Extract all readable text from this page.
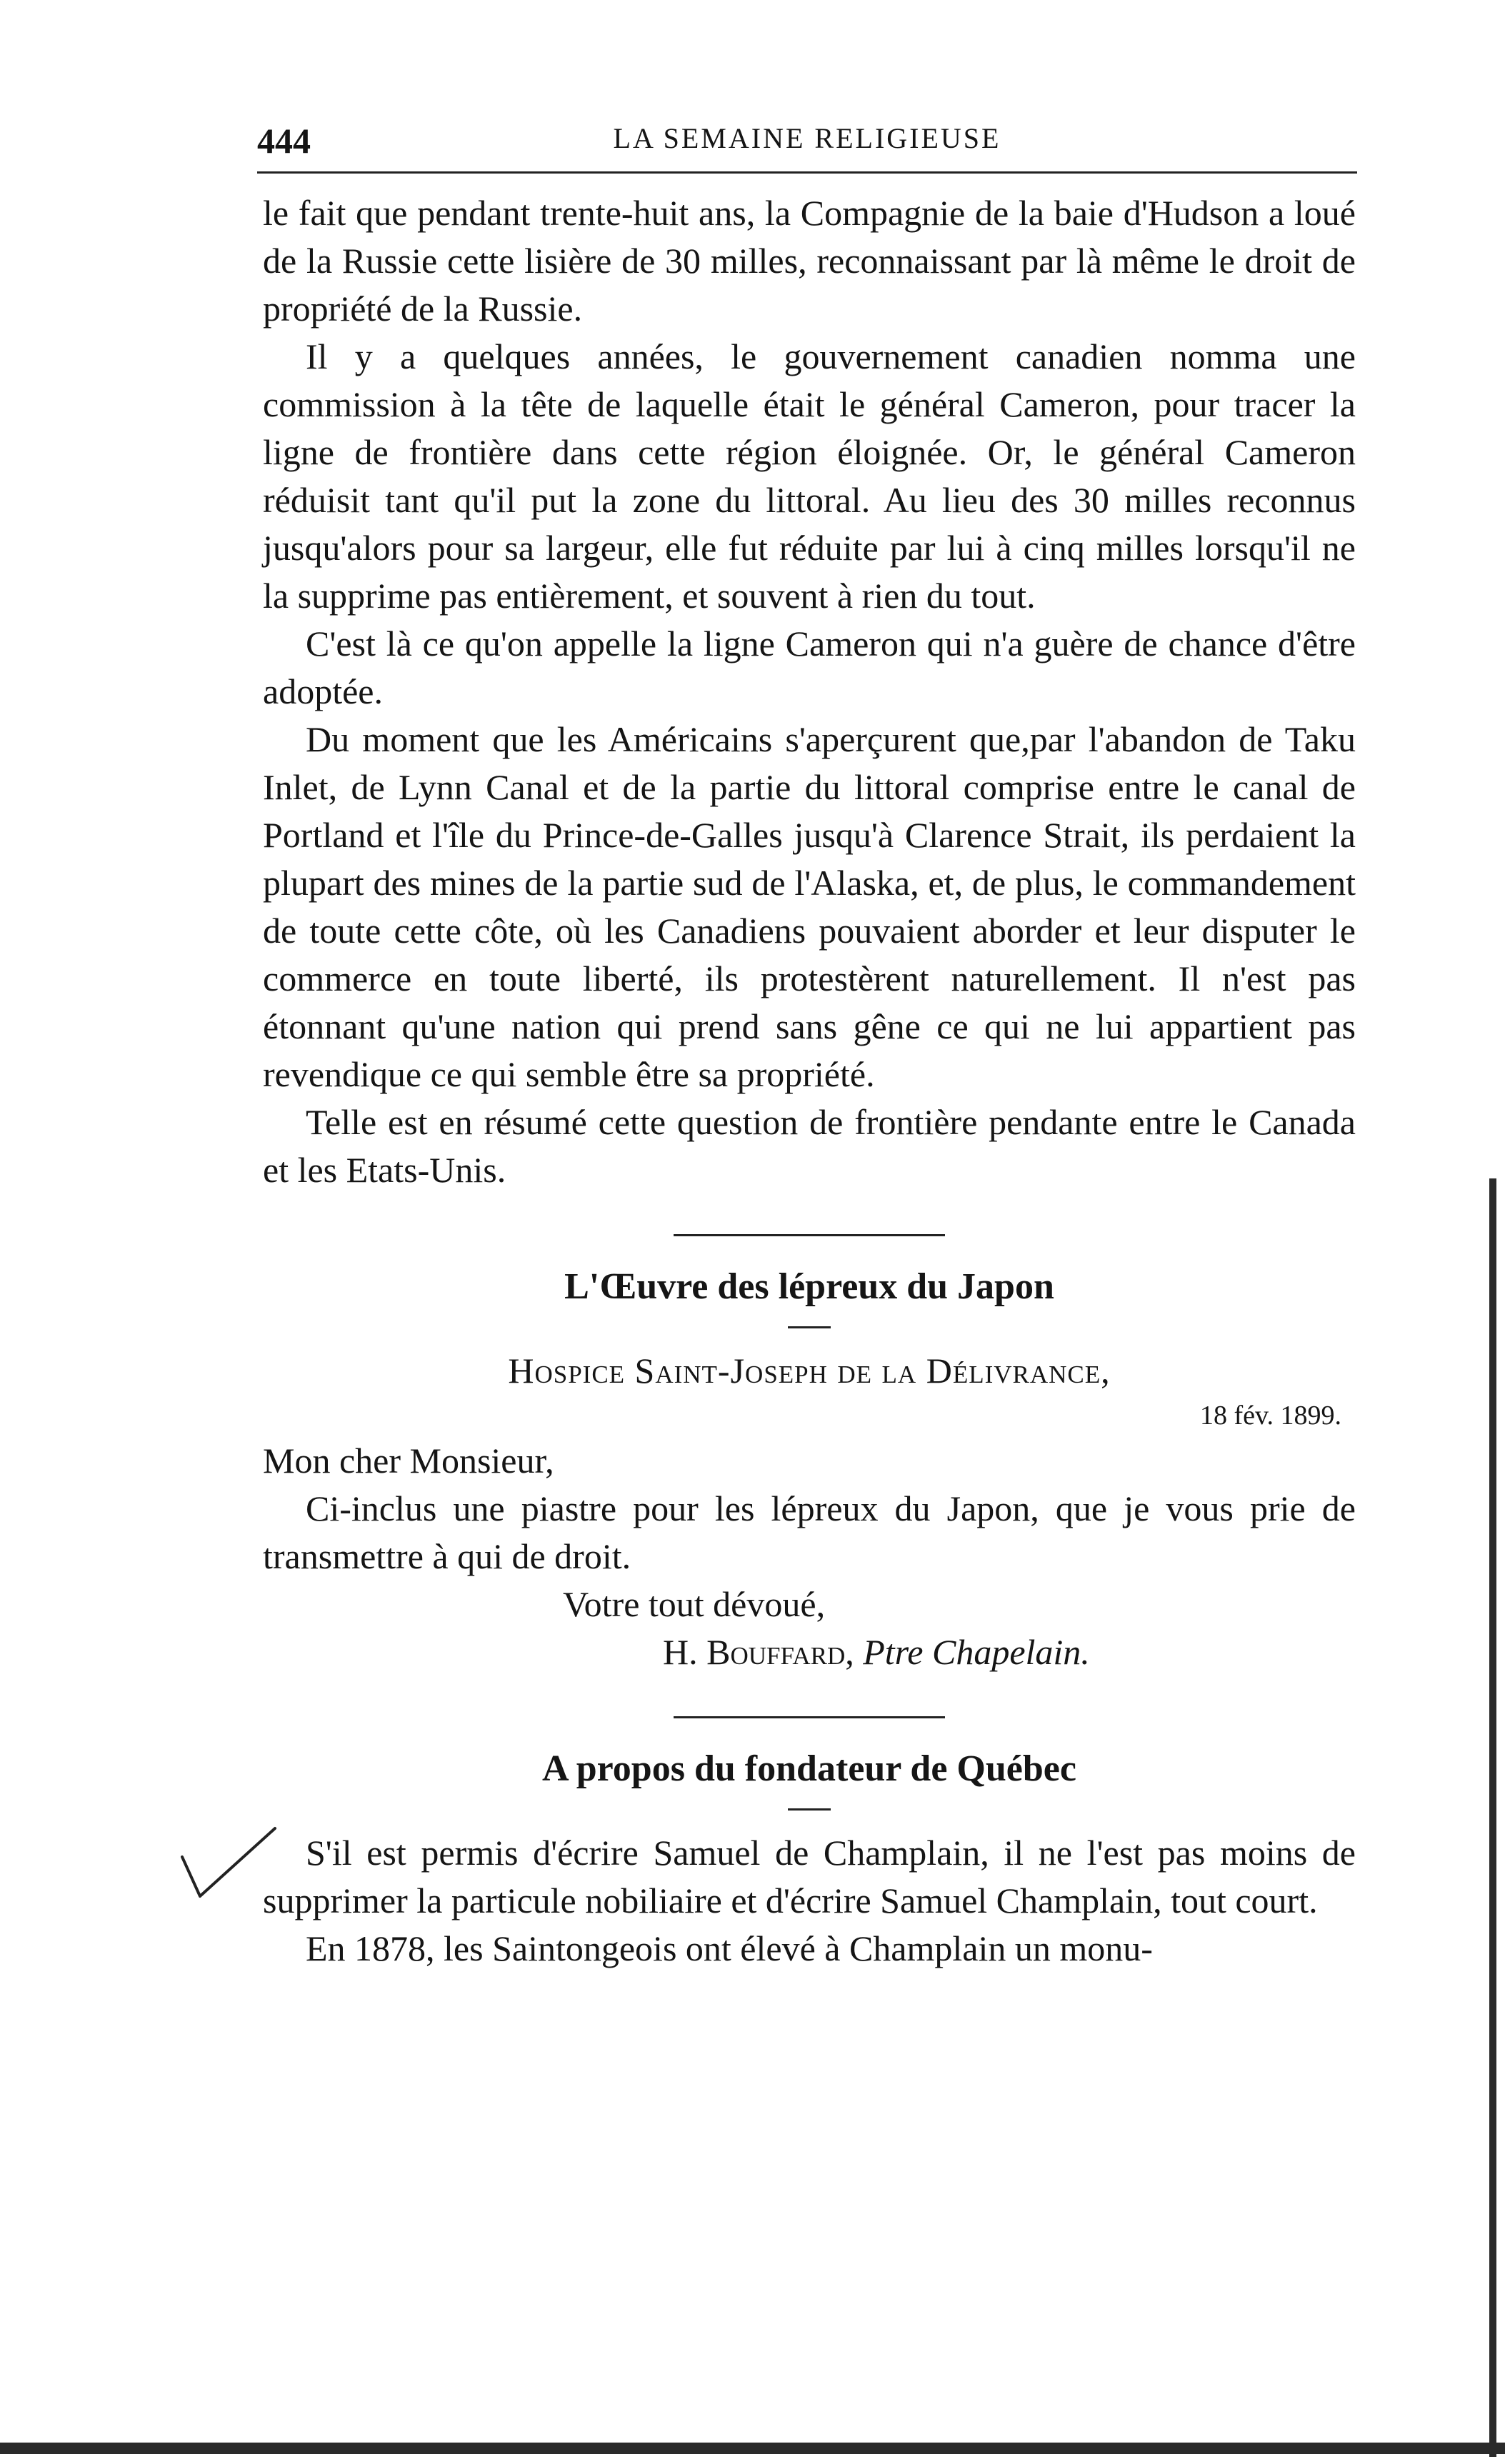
444	LA SEMAINE RELIGIEUSE

le fait que pendant trente-huit ans, la Compagnie de la baie d'Hudson a loué de la Russie cette lisière de 30 milles, reconnaissant par là même le droit de propriété de la Russie.

Il y a quelques années, le gouvernement canadien nomma une commission à la tête de laquelle était le général Cameron, pour tracer la ligne de frontière dans cette région éloignée. Or, le général Cameron réduisit tant qu'il put la zone du littoral. Au lieu des 30 milles reconnus jusqu'alors pour sa largeur, elle fut réduite par lui à cinq milles lorsqu'il ne la supprime pas entièrement, et souvent à rien du tout.

C'est là ce qu'on appelle la ligne Cameron qui n'a guère de chance d'être adoptée.

Du moment que les Américains s'aperçurent que,par l'abandon de Taku Inlet, de Lynn Canal et de la partie du littoral comprise entre le canal de Portland et l'île du Prince-de-Galles jusqu'à Clarence Strait, ils perdaient la plupart des mines de la partie sud de l'Alaska, et, de plus, le commandement de toute cette côte, où les Canadiens pouvaient aborder et leur disputer le commerce en toute liberté, ils protestèrent naturellement. Il n'est pas étonnant qu'une nation qui prend sans gêne ce qui ne lui appartient pas revendique ce qui semble être sa propriété.

Telle est en résumé cette question de frontière pendante entre le Canada et les Etats-Unis.

L'Œuvre des lépreux du Japon
Hospice Saint-Joseph de la Délivrance,
18 fév. 1899.
Mon cher Monsieur,

Ci-inclus une piastre pour les lépreux du Japon, que je vous prie de transmettre à qui de droit.

Votre tout dévoué,
H. Bouffard, Ptre Chapelain.
A propos du fondateur de Québec

S'il est permis d'écrire Samuel de Champlain, il ne l'est pas moins de supprimer la particule nobiliaire et d'écrire Samuel Champlain, tout court.

En 1878, les Saintongeois ont élevé à Champlain un monu-
